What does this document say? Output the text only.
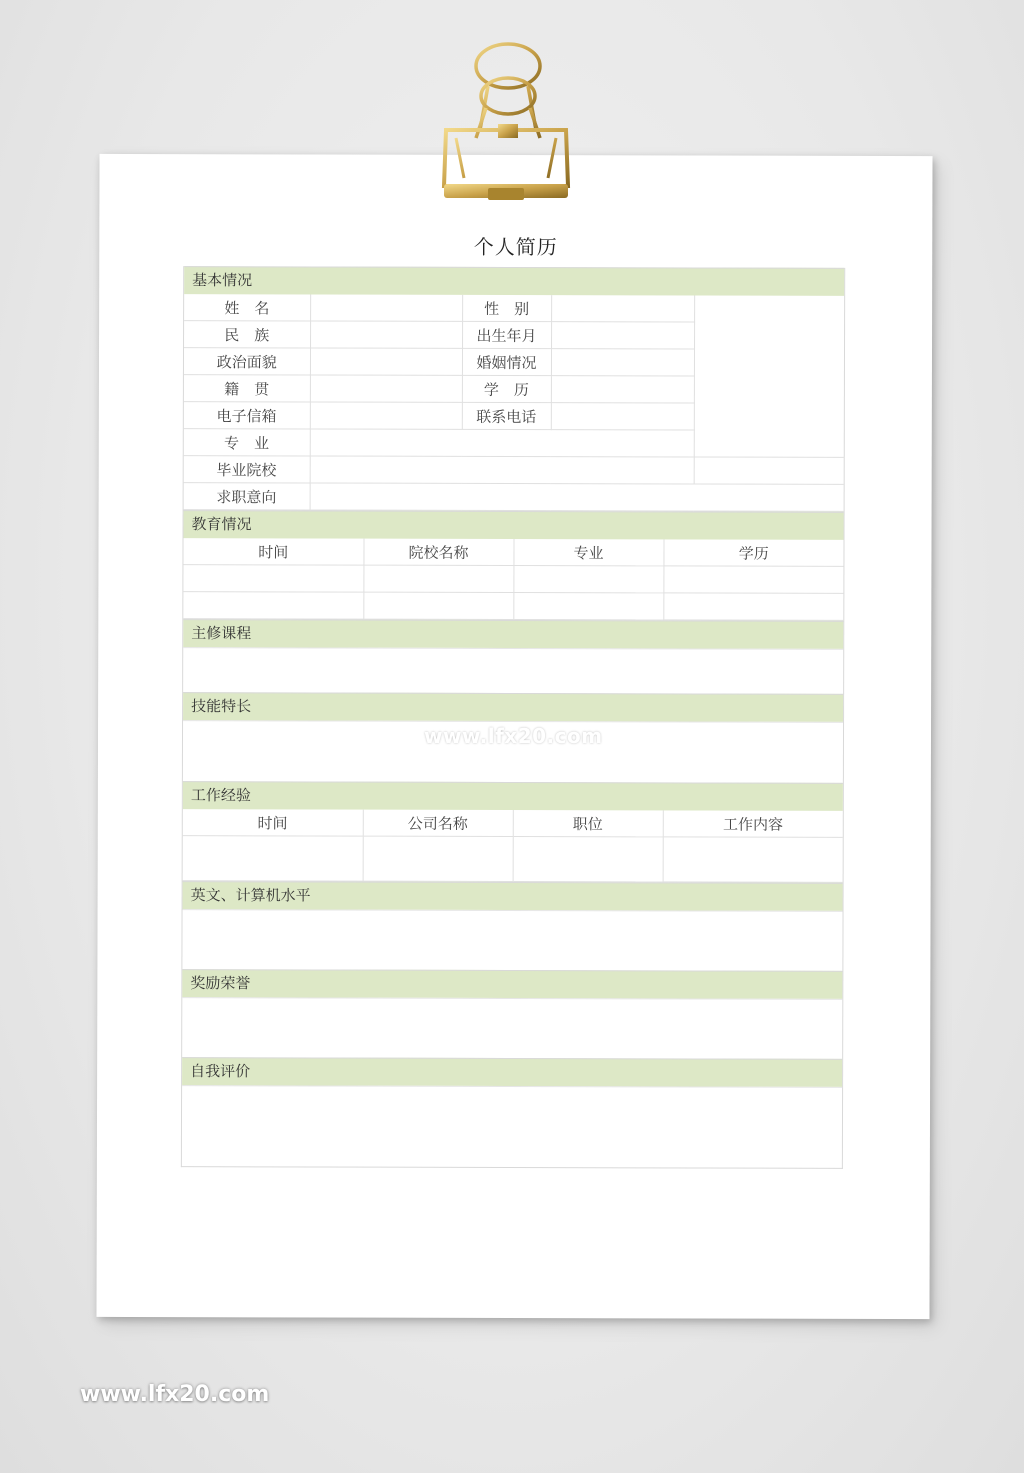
个人简历
基本情况
姓　名		性　别		
民　族		出生年月		
政治面貌		婚姻情况		
籍　贯		学　历		
电子信箱		联系电话		
专　业				
毕业院校				
求职意向				
教育情况
时间	院校名称	专业	学历

主修课程
技能特长
工作经验
时间	公司名称	职位	工作内容

英文、计算机水平
奖励荣誉
自我评价
www.lfx20.com
www.lfx20.com
